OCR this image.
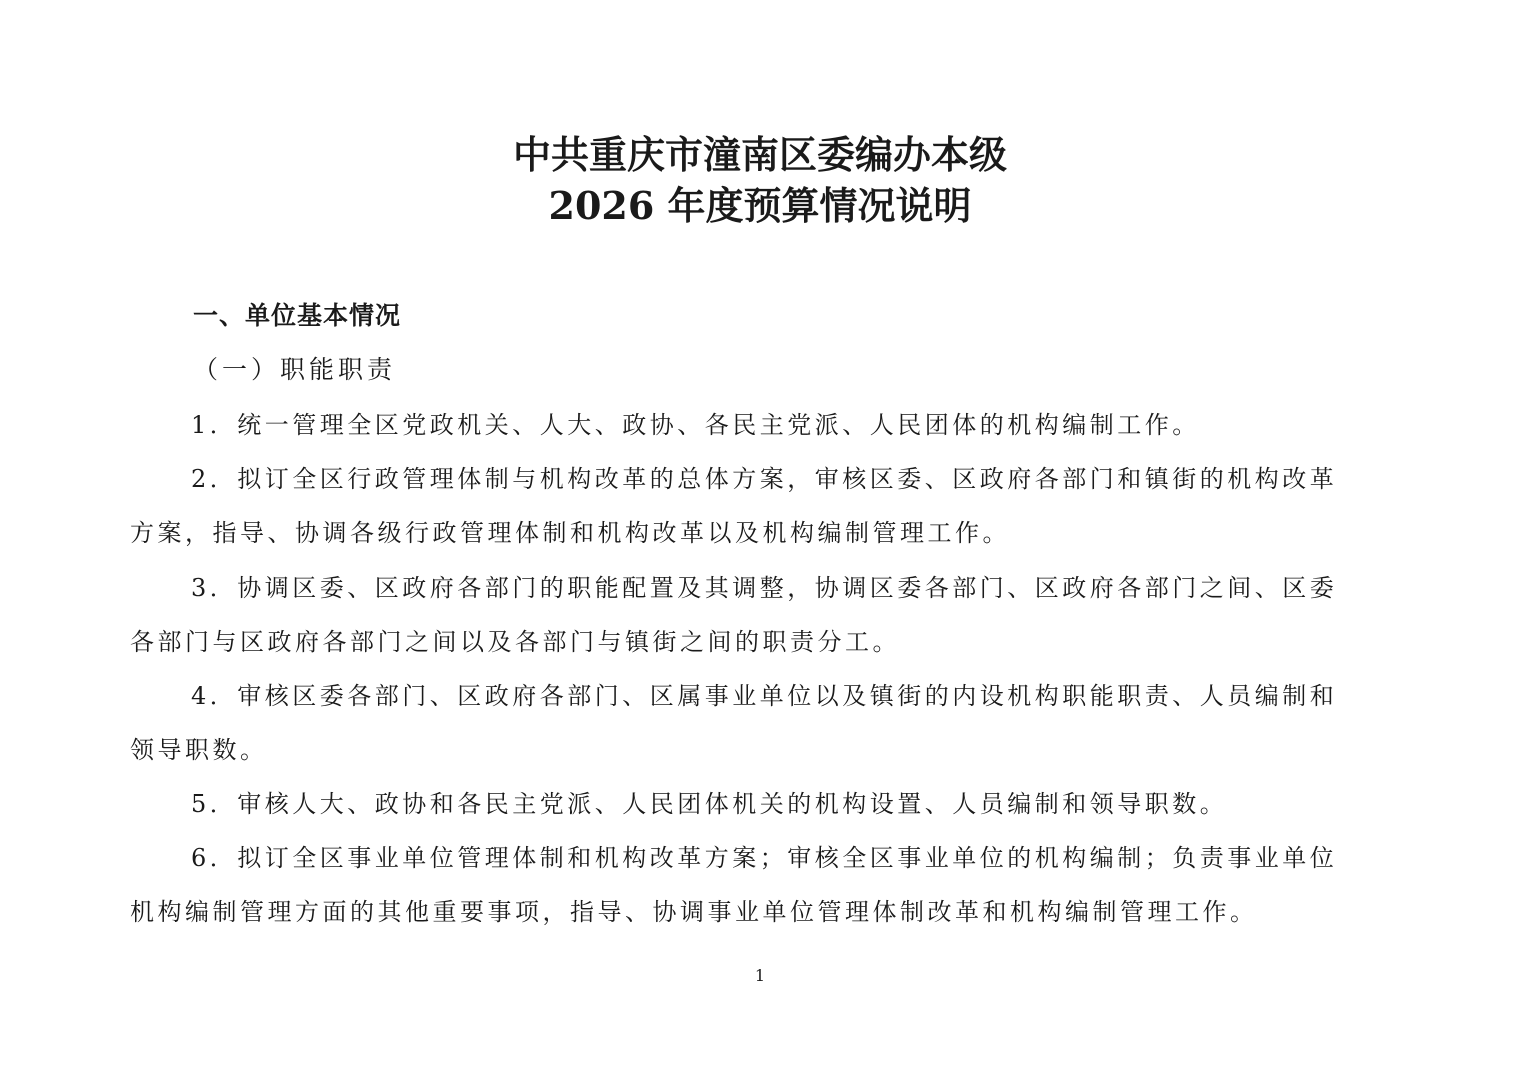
中共重庆市潼南区委编办本级
2026 年度预算情况说明
一、单位基本情况
（一）职能职责
1．统一管理全区党政机关、人大、政协、各民主党派、人民团体的机构编制工作。
2．拟订全区行政管理体制与机构改革的总体方案，审核区委、区政府各部门和镇街的机构改革
方案，指导、协调各级行政管理体制和机构改革以及机构编制管理工作。
3．协调区委、区政府各部门的职能配置及其调整，协调区委各部门、区政府各部门之间、区委
各部门与区政府各部门之间以及各部门与镇街之间的职责分工。
4．审核区委各部门、区政府各部门、区属事业单位以及镇街的内设机构职能职责、人员编制和
领导职数。
5．审核人大、政协和各民主党派、人民团体机关的机构设置、人员编制和领导职数。
6．拟订全区事业单位管理体制和机构改革方案；审核全区事业单位的机构编制；负责事业单位
机构编制管理方面的其他重要事项，指导、协调事业单位管理体制改革和机构编制管理工作。
1
